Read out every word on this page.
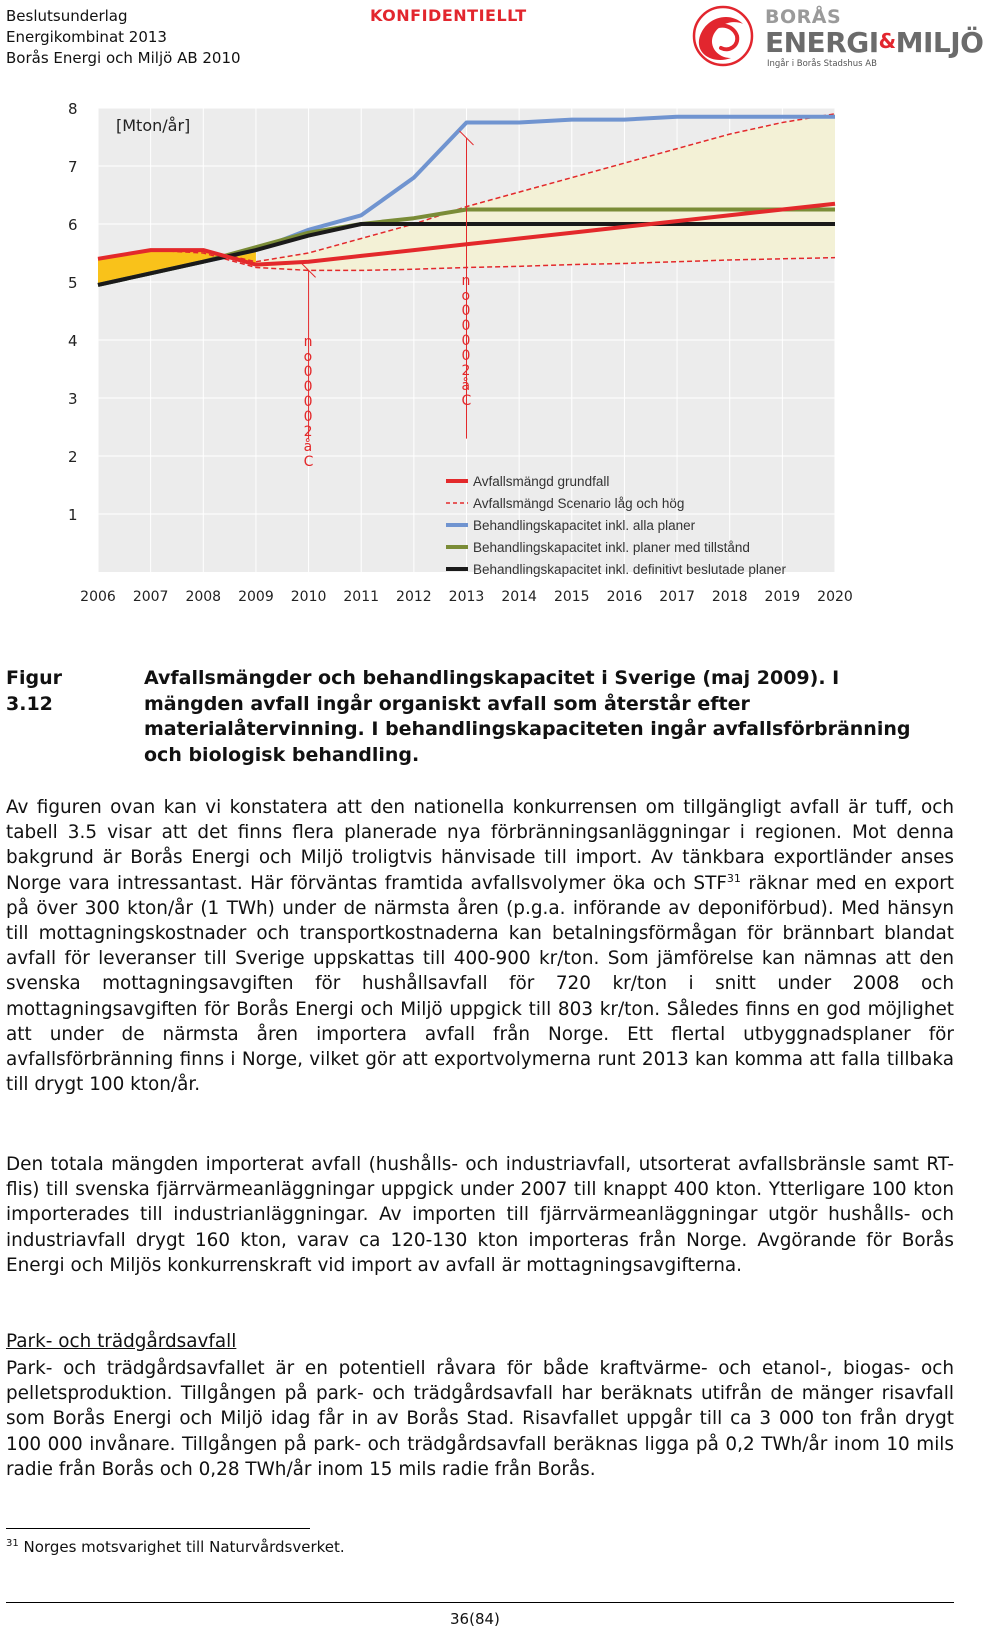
Beslutsunderlag
Energikombinat 2013
Borås Energi och Miljö AB 2010
KONFIDENTIELLT	BORÅS
ENERGI&MILJÖ
Ingår i Borås Stadshus AB
n
o
0
0
0
0
2
å
C
n
o
0
0
0
0
2
å
C
8
7
6
5
4
3
2
1
2006 2007 2008 2009 2010 2011 2012 2013 2014 2015 2016 2017 2018 2019 2020
[Mton/år]
Avfallsmängd grundfall
Avfallsmängd Scenario låg och hög
Behandlingskapacitet inkl. alla planer
Behandlingskapacitet inkl. planer med tillstånd
Behandlingskapacitet inkl. definitivt beslutade planer
Figur 3.12
Avfallsmängder och behandlingskapacitet i Sverige (maj 2009). I mängden avfall ingår organiskt avfall som återstår efter materialåtervinning. I behandlingskapaciteten ingår avfallsförbränning och biologisk behandling.
Av figuren ovan kan vi konstatera att den nationella konkurrensen om tillgängligt avfall är tuff, och tabell 3.5 visar att det finns flera planerade nya förbränningsanläggningar i regionen. Mot denna bakgrund är Borås Energi och Miljö troligtvis hänvisade till import. Av tänkbara exportländer anses Norge vara intressantast. Här förväntas framtida avfallsvolymer öka och STF$^{31}$ räknar med en export på över 300 kton/år (1 TWh) under de närmsta åren (p.g.a. införande av deponiförbud). Med hänsyn till mottagningskostnader och transportkostnaderna kan betalningsförmågan för brännbart blandat avfall för leveranser till Sverige uppskattas till 400-900 kr/ton. Som jämförelse kan nämnas att den svenska mottagningsavgiften för hushållsavfall för 720 kr/ton i snitt under 2008 och mottagningsavgiften för Borås Energi och Miljö uppgick till 803 kr/ton. Således finns en god möjlighet att under de närmsta åren importera avfall från Norge. Ett flertal utbyggnadsplaner för avfallsförbränning finns i Norge, vilket gör att exportvolymerna runt 2013 kan komma att falla tillbaka till drygt 100 kton/år.
Den totala mängden importerat avfall (hushålls- och industriavfall, utsorterat avfallsbränsle samt RT-flis) till svenska fjärrvärmeanläggningar uppgick under 2007 till knappt 400 kton. Ytterligare 100 kton importerades till industrianläggningar. Av importen till fjärrvärmeanläggningar utgör hushålls- och industriavfall drygt 160 kton, varav ca 120-130 kton importeras från Norge. Avgörande för Borås Energi och Miljös konkurrenskraft vid import av avfall är mottagningsavgifterna.
Park- och trädgårdsavfall
Park- och trädgårdsavfallet är en potentiell råvara för både kraftvärme- och etanol-, biogas- och pelletsproduktion. Tillgången på park- och trädgårdsavfall har beräknats utifrån de mänger risavfall som Borås Energi och Miljö idag får in av Borås Stad. Risavfallet uppgår till ca 3 000 ton från drygt 100 000 invånare. Tillgången på park- och trädgårdsavfall beräknas ligga på 0,2 TWh/år inom 10 mils radie från Borås och 0,28 TWh/år inom 15 mils radie från Borås.
$^{31}$ Norges motsvarighet till Naturvårdsverket.
36(84)
